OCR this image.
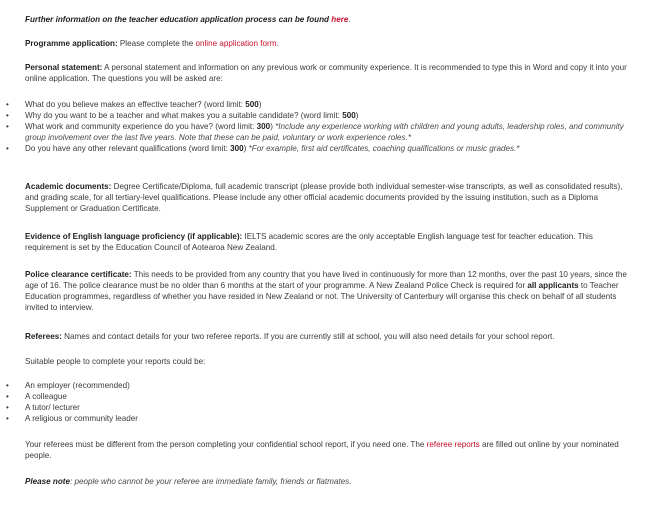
Further information on the teacher education application process can be found here.

Programme application: Please complete the online application form.

Personal statement: A personal statement and information on any previous work or community experience. It is recommended to type this in Word and copy it into your online application. The questions you will be asked are:

• What do you believe makes an effective teacher? (word limit: 500)
• Why do you want to be a teacher and what makes you a suitable candidate? (word limit: 500)
• What work and community experience do you have? (word limit: 300) *Include any experience working with children and young adults, leadership roles, and community group involvement over the last five years. Note that these can be paid, voluntary or work experience roles.*
• Do you have any other relevant qualifications (word limit: 300) *For example, first aid certificates, coaching qualifications or music grades.*

Academic documents: Degree Certificate/Diploma, full academic transcript (please provide both individual semester-wise transcripts, as well as consolidated results), and grading scale, for all tertiary-level qualifications. Please include any other official academic documents provided by the issuing institution, such as a Diploma Supplement or Graduation Certificate.

Evidence of English language proficiency (if applicable): IELTS academic scores are the only acceptable English language test for teacher education. This requirement is set by the Education Council of Aotearoa New Zealand.

Police clearance certificate: This needs to be provided from any country that you have lived in continuously for more than 12 months, over the past 10 years, since the age of 16. The police clearance must be no older than 6 months at the start of your programme. A New Zealand Police Check is required for all applicants to Teacher Education programmes, regardless of whether you have resided in New Zealand or not. The University of Canterbury will organise this check on behalf of all students invited to interview.

Referees: Names and contact details for your two referee reports. If you are currently still at school, you will also need details for your school report.

Suitable people to complete your reports could be:

• An employer (recommended)
• A colleague
• A tutor/ lecturer
• A religious or community leader

Your referees must be different from the person completing your confidential school report, if you need one. The referee reports are filled out online by your nominated people.

Please note: people who cannot be your referee are immediate family, friends or flatmates.
